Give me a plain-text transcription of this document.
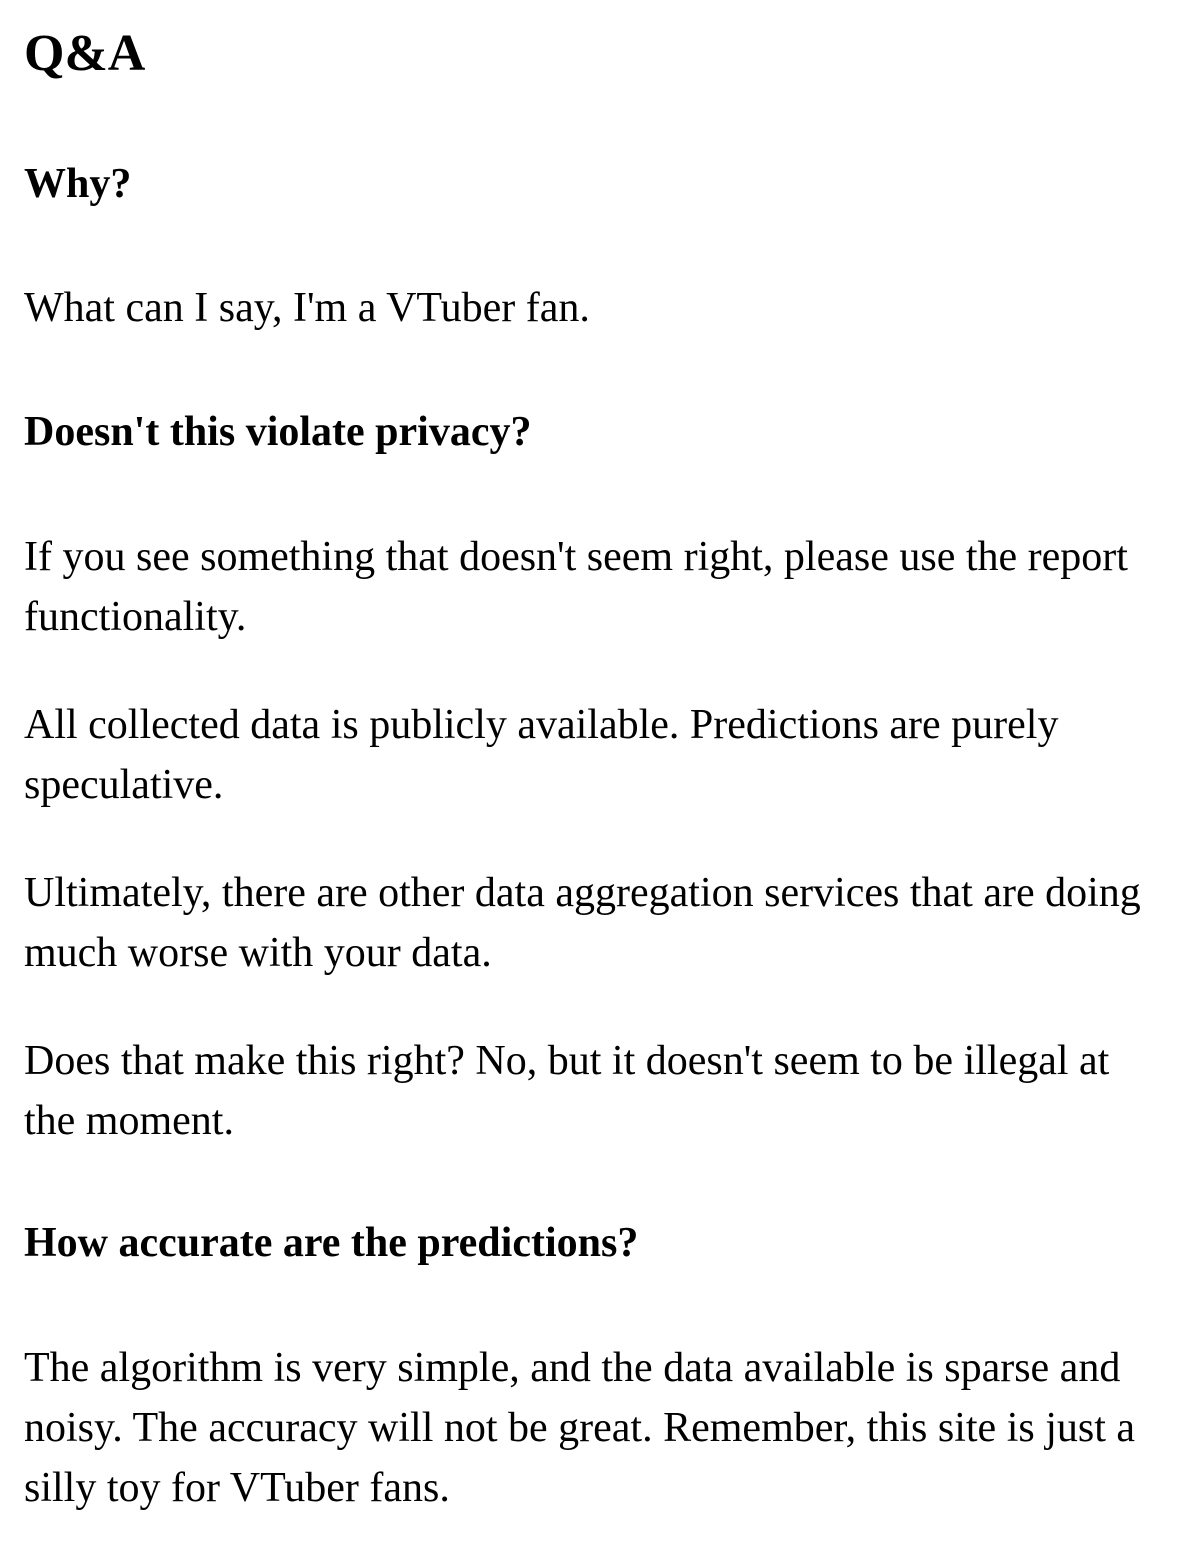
Q&A
Why?

What can I say, I'm a VTuber fan.

Doesn't this violate privacy?

If you see something that doesn't seem right, please use the report functionality.

All collected data is publicly available. Predictions are purely speculative.

Ultimately, there are other data aggregation services that are doing much worse with your data.

Does that make this right? No, but it doesn't seem to be illegal at the moment.

How accurate are the predictions?

The algorithm is very simple, and the data available is sparse and noisy. The accuracy will not be great. Remember, this site is just a silly toy for VTuber fans.
